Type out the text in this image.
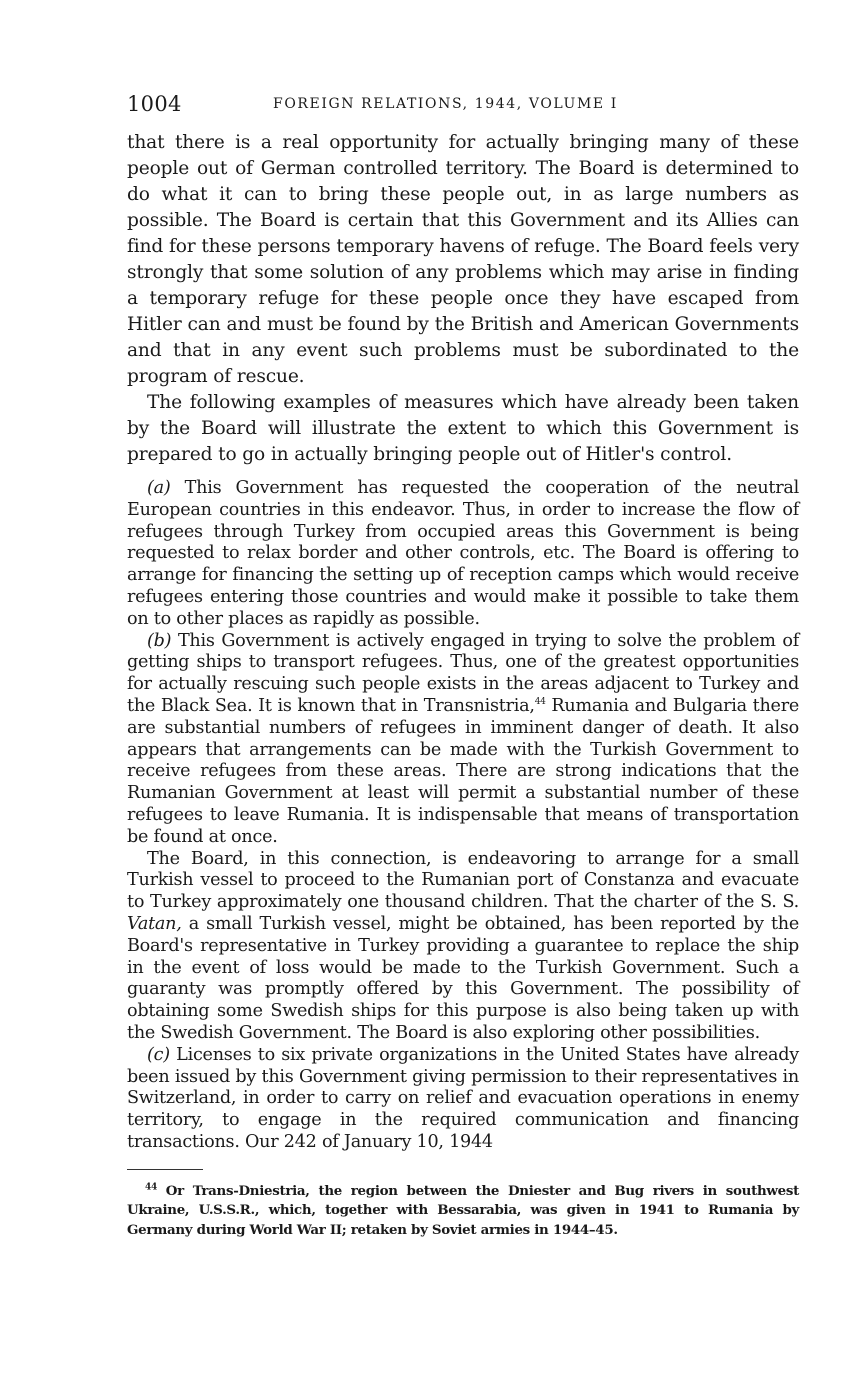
1004	FOREIGN RELATIONS, 1944, VOLUME I

that there is a real opportunity for actually bringing many of these people out of German controlled territory. The Board is determined to do what it can to bring these people out, in as large numbers as possible. The Board is certain that this Government and its Allies can find for these persons temporary havens of refuge. The Board feels very strongly that some solution of any problems which may arise in finding a temporary refuge for these people once they have escaped from Hitler can and must be found by the British and American Governments and that in any event such problems must be subordinated to the program of rescue.

The following examples of measures which have already been taken by the Board will illustrate the extent to which this Government is prepared to go in actually bringing people out of Hitler's control.

(a) This Government has requested the cooperation of the neutral European countries in this endeavor. Thus, in order to increase the flow of refugees through Turkey from occupied areas this Government is being requested to relax border and other controls, etc. The Board is offering to arrange for financing the setting up of reception camps which would receive refugees entering those countries and would make it possible to take them on to other places as rapidly as possible.

(b) This Government is actively engaged in trying to solve the problem of getting ships to transport refugees. Thus, one of the greatest opportunities for actually rescuing such people exists in the areas adjacent to Turkey and the Black Sea. It is known that in Transnistria,$^{44}$ Rumania and Bulgaria there are substantial numbers of refugees in imminent danger of death. It also appears that arrangements can be made with the Turkish Government to receive refugees from these areas. There are strong indications that the Rumanian Government at least will permit a substantial number of these refugees to leave Rumania. It is indispensable that means of transportation be found at once.

The Board, in this connection, is endeavoring to arrange for a small Turkish vessel to proceed to the Rumanian port of Constanza and evacuate to Turkey approximately one thousand children. That the charter of the S. S. Vatan, a small Turkish vessel, might be obtained, has been reported by the Board's representative in Turkey providing a guarantee to replace the ship in the event of loss would be made to the Turkish Government. Such a guaranty was promptly offered by this Government. The possibility of obtaining some Swedish ships for this purpose is also being taken up with the Swedish Government. The Board is also exploring other possibilities.

(c) Licenses to six private organizations in the United States have already been issued by this Government giving permission to their representatives in Switzerland, in order to carry on relief and evacuation operations in enemy territory, to engage in the required communication and financing transactions. Our 242 of January 10, 1944

$^{44}$ Or Trans-Dniestria, the region between the Dniester and Bug rivers in southwest Ukraine, U.S.S.R., which, together with Bessarabia, was given in 1941 to Rumania by Germany during World War II; retaken by Soviet armies in 1944–45.
